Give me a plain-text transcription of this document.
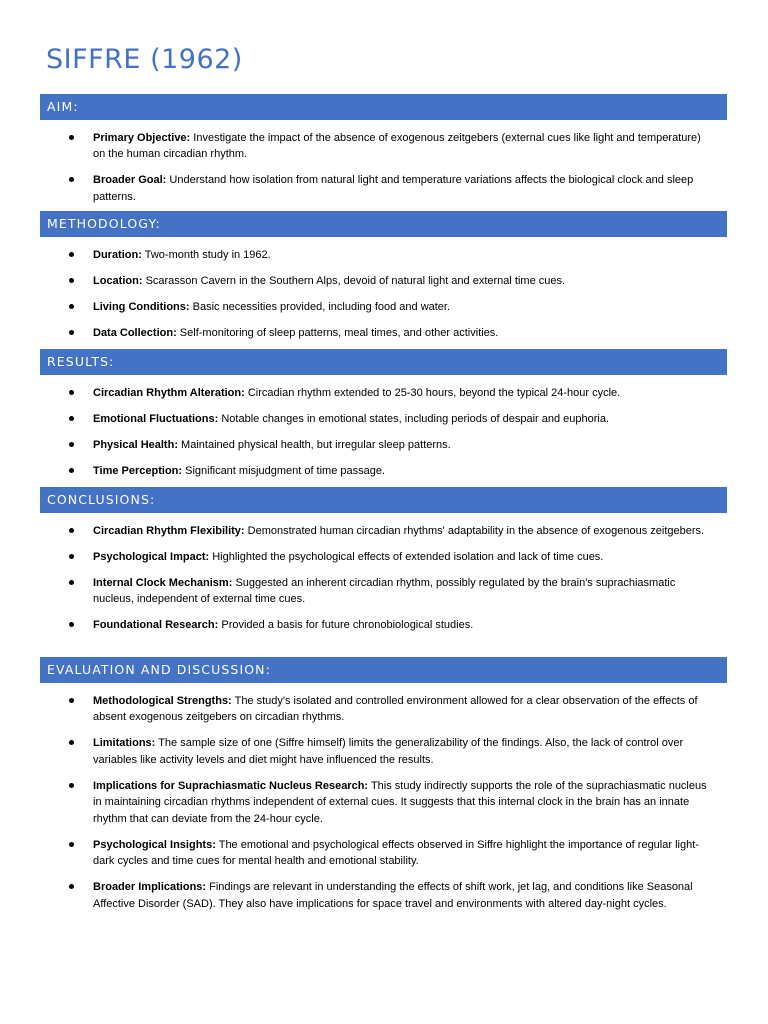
SIFFRE (1962)
AIM:
Primary Objective: Investigate the impact of the absence of exogenous zeitgebers (external cues like light and temperature) on the human circadian rhythm.
Broader Goal: Understand how isolation from natural light and temperature variations affects the biological clock and sleep patterns.
METHODOLOGY:
Duration: Two-month study in 1962.
Location: Scarasson Cavern in the Southern Alps, devoid of natural light and external time cues.
Living Conditions: Basic necessities provided, including food and water.
Data Collection: Self-monitoring of sleep patterns, meal times, and other activities.
RESULTS:
Circadian Rhythm Alteration: Circadian rhythm extended to 25-30 hours, beyond the typical 24-hour cycle.
Emotional Fluctuations: Notable changes in emotional states, including periods of despair and euphoria.
Physical Health: Maintained physical health, but irregular sleep patterns.
Time Perception: Significant misjudgment of time passage.
CONCLUSIONS:
Circadian Rhythm Flexibility: Demonstrated human circadian rhythms' adaptability in the absence of exogenous zeitgebers.
Psychological Impact: Highlighted the psychological effects of extended isolation and lack of time cues.
Internal Clock Mechanism: Suggested an inherent circadian rhythm, possibly regulated by the brain's suprachiasmatic nucleus, independent of external time cues.
Foundational Research: Provided a basis for future chronobiological studies.
EVALUATION AND DISCUSSION:
Methodological Strengths: The study's isolated and controlled environment allowed for a clear observation of the effects of absent exogenous zeitgebers on circadian rhythms.
Limitations: The sample size of one (Siffre himself) limits the generalizability of the findings. Also, the lack of control over variables like activity levels and diet might have influenced the results.
Implications for Suprachiasmatic Nucleus Research: This study indirectly supports the role of the suprachiasmatic nucleus in maintaining circadian rhythms independent of external cues. It suggests that this internal clock in the brain has an innate rhythm that can deviate from the 24-hour cycle.
Psychological Insights: The emotional and psychological effects observed in Siffre highlight the importance of regular light-dark cycles and time cues for mental health and emotional stability.
Broader Implications: Findings are relevant in understanding the effects of shift work, jet lag, and conditions like Seasonal Affective Disorder (SAD). They also have implications for space travel and environments with altered day-night cycles.
